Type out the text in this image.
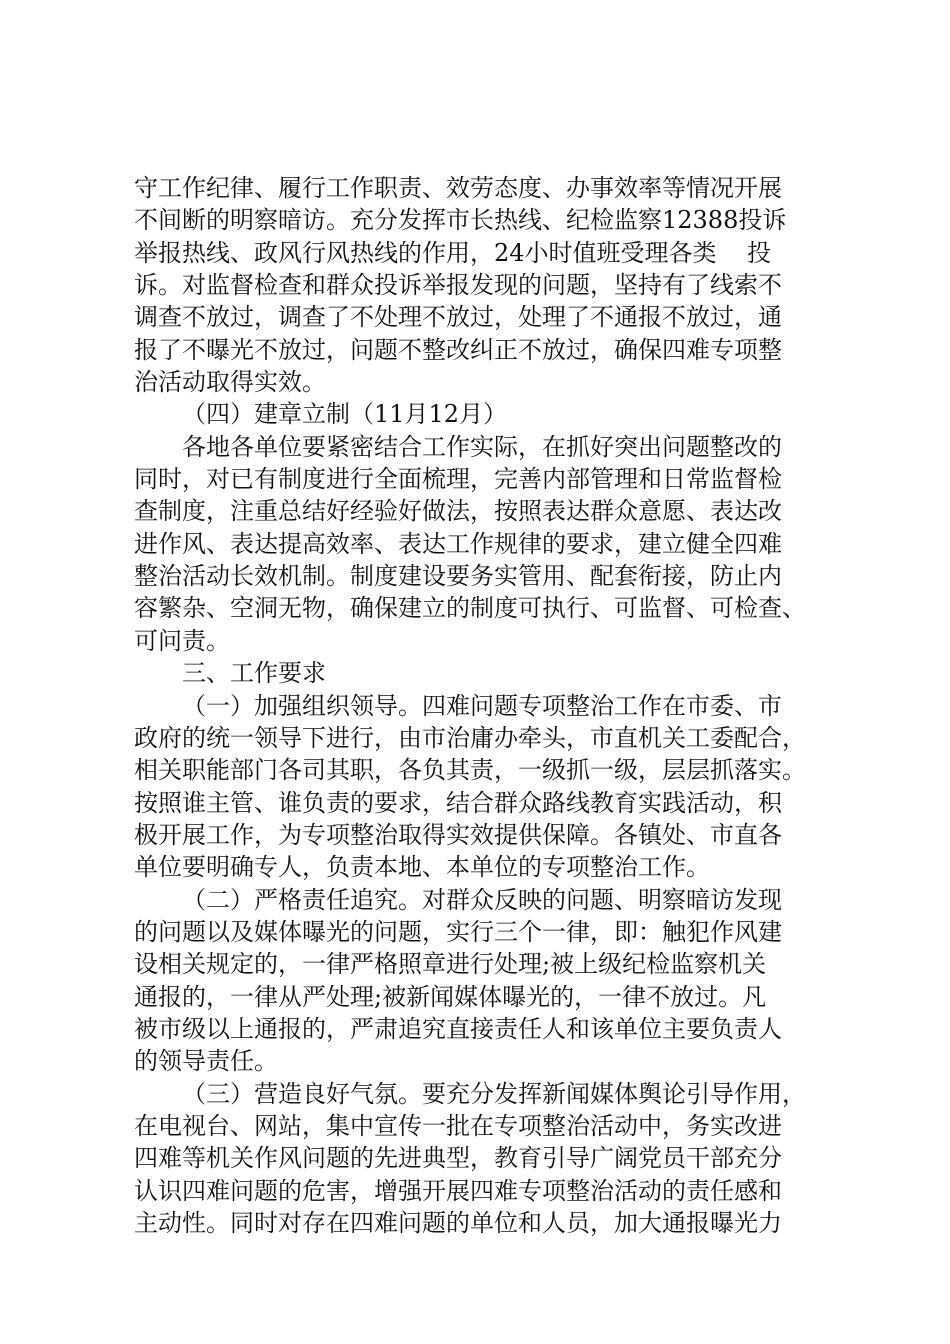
守工作纪律、履行工作职责、效劳态度、办事效率等情况开展
不间断的明察暗访。充分发挥市长热线、纪检监察12388投诉
举报热线、政风行风热线的作用，24小时值班受理各类    投
诉。对监督检查和群众投诉举报发现的问题，坚持有了线索不
调查不放过，调查了不处理不放过，处理了不通报不放过，通
报了不曝光不放过，问题不整改纠正不放过，确保四难专项整
治活动取得实效。
（四）建章立制（11月12月）
各地各单位要紧密结合工作实际，在抓好突出问题整改的
同时，对已有制度进行全面梳理，完善内部管理和日常监督检
查制度，注重总结好经验好做法，按照表达群众意愿、表达改
进作风、表达提高效率、表达工作规律的要求，建立健全四难
整治活动长效机制。制度建设要务实管用、配套衔接，防止内
容繁杂、空洞无物，确保建立的制度可执行、可监督、可检查、
可问责。
三、工作要求
（一）加强组织领导。四难问题专项整治工作在市委、市
政府的统一领导下进行，由市治庸办牵头，市直机关工委配合，
相关职能部门各司其职，各负其责，一级抓一级，层层抓落实。
按照谁主管、谁负责的要求，结合群众路线教育实践活动，积
极开展工作，为专项整治取得实效提供保障。各镇处、市直各
单位要明确专人，负责本地、本单位的专项整治工作。
（二）严格责任追究。对群众反映的问题、明察暗访发现
的问题以及媒体曝光的问题，实行三个一律，即：触犯作风建
设相关规定的，一律严格照章进行处理;被上级纪检监察机关
通报的，一律从严处理;被新闻媒体曝光的，一律不放过。凡
被市级以上通报的，严肃追究直接责任人和该单位主要负责人
的领导责任。
（三）营造良好气氛。要充分发挥新闻媒体舆论引导作用，
在电视台、网站，集中宣传一批在专项整治活动中，务实改进
四难等机关作风问题的先进典型，教育引导广阔党员干部充分
认识四难问题的危害，增强开展四难专项整治活动的责任感和
主动性。同时对存在四难问题的单位和人员，加大通报曝光力
